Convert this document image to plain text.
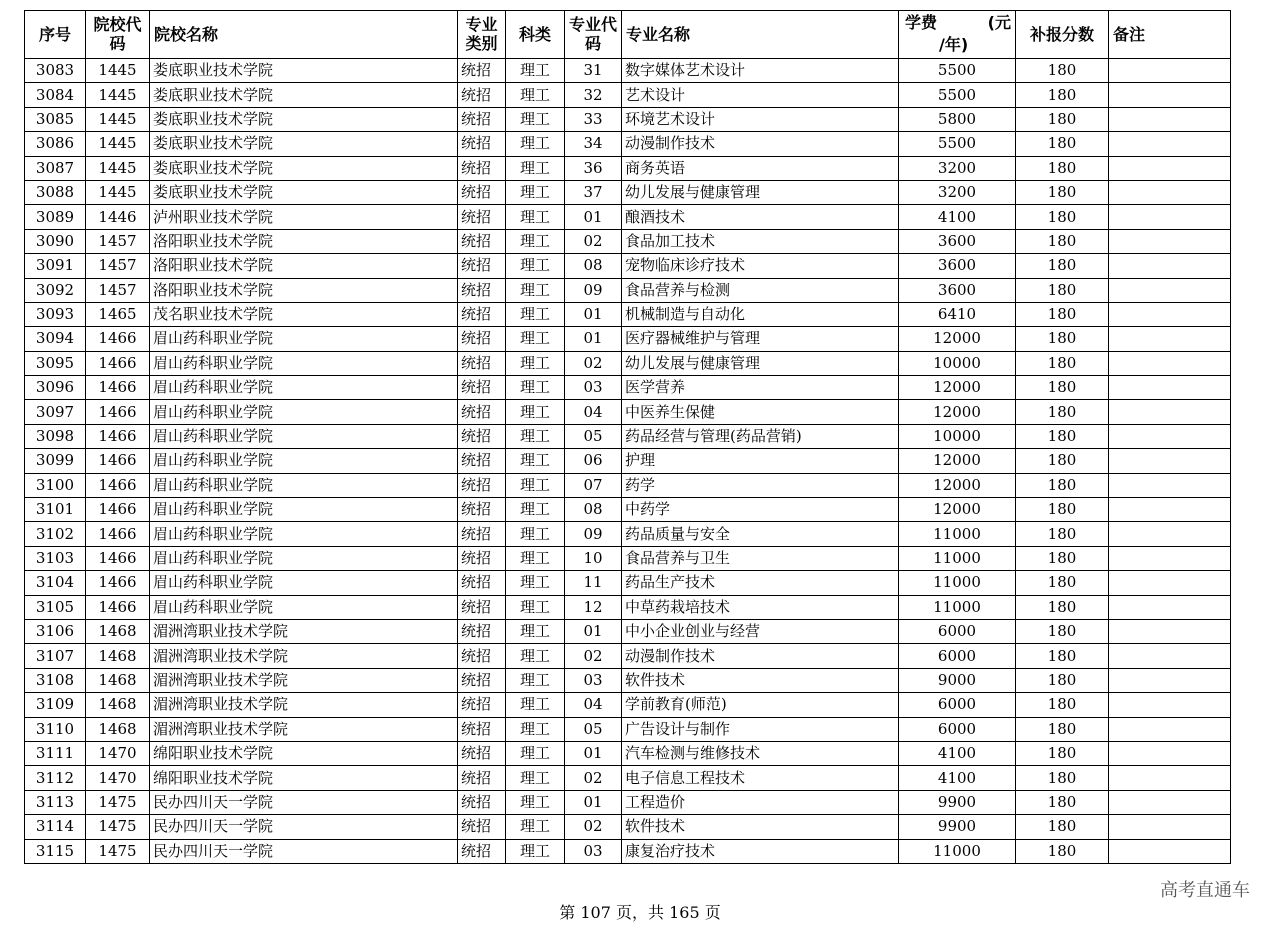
序号	院校代码	院校名称	专业类别	科类	专业代码	专业名称	学费 (元
/年)	补报分数	备注
3083	1445	娄底职业技术学院	统招	理工	31	数字媒体艺术设计	5500	180	
3084	1445	娄底职业技术学院	统招	理工	32	艺术设计	5500	180	
3085	1445	娄底职业技术学院	统招	理工	33	环境艺术设计	5800	180	
3086	1445	娄底职业技术学院	统招	理工	34	动漫制作技术	5500	180	
3087	1445	娄底职业技术学院	统招	理工	36	商务英语	3200	180	
3088	1445	娄底职业技术学院	统招	理工	37	幼儿发展与健康管理	3200	180	
3089	1446	泸州职业技术学院	统招	理工	01	酿酒技术	4100	180	
3090	1457	洛阳职业技术学院	统招	理工	02	食品加工技术	3600	180	
3091	1457	洛阳职业技术学院	统招	理工	08	宠物临床诊疗技术	3600	180	
3092	1457	洛阳职业技术学院	统招	理工	09	食品营养与检测	3600	180	
3093	1465	茂名职业技术学院	统招	理工	01	机械制造与自动化	6410	180	
3094	1466	眉山药科职业学院	统招	理工	01	医疗器械维护与管理	12000	180	
3095	1466	眉山药科职业学院	统招	理工	02	幼儿发展与健康管理	10000	180	
3096	1466	眉山药科职业学院	统招	理工	03	医学营养	12000	180	
3097	1466	眉山药科职业学院	统招	理工	04	中医养生保健	12000	180	
3098	1466	眉山药科职业学院	统招	理工	05	药品经营与管理(药品营销)	10000	180	
3099	1466	眉山药科职业学院	统招	理工	06	护理	12000	180	
3100	1466	眉山药科职业学院	统招	理工	07	药学	12000	180	
3101	1466	眉山药科职业学院	统招	理工	08	中药学	12000	180	
3102	1466	眉山药科职业学院	统招	理工	09	药品质量与安全	11000	180	
3103	1466	眉山药科职业学院	统招	理工	10	食品营养与卫生	11000	180	
3104	1466	眉山药科职业学院	统招	理工	11	药品生产技术	11000	180	
3105	1466	眉山药科职业学院	统招	理工	12	中草药栽培技术	11000	180	
3106	1468	湄洲湾职业技术学院	统招	理工	01	中小企业创业与经营	6000	180	
3107	1468	湄洲湾职业技术学院	统招	理工	02	动漫制作技术	6000	180	
3108	1468	湄洲湾职业技术学院	统招	理工	03	软件技术	9000	180	
3109	1468	湄洲湾职业技术学院	统招	理工	04	学前教育(师范)	6000	180	
3110	1468	湄洲湾职业技术学院	统招	理工	05	广告设计与制作	6000	180	
3111	1470	绵阳职业技术学院	统招	理工	01	汽车检测与维修技术	4100	180	
3112	1470	绵阳职业技术学院	统招	理工	02	电子信息工程技术	4100	180	
3113	1475	民办四川天一学院	统招	理工	01	工程造价	9900	180	
3114	1475	民办四川天一学院	统招	理工	02	软件技术	9900	180	
3115	1475	民办四川天一学院	统招	理工	03	康复治疗技术	11000	180	
第 107 页，共 165 页
高考直通车
